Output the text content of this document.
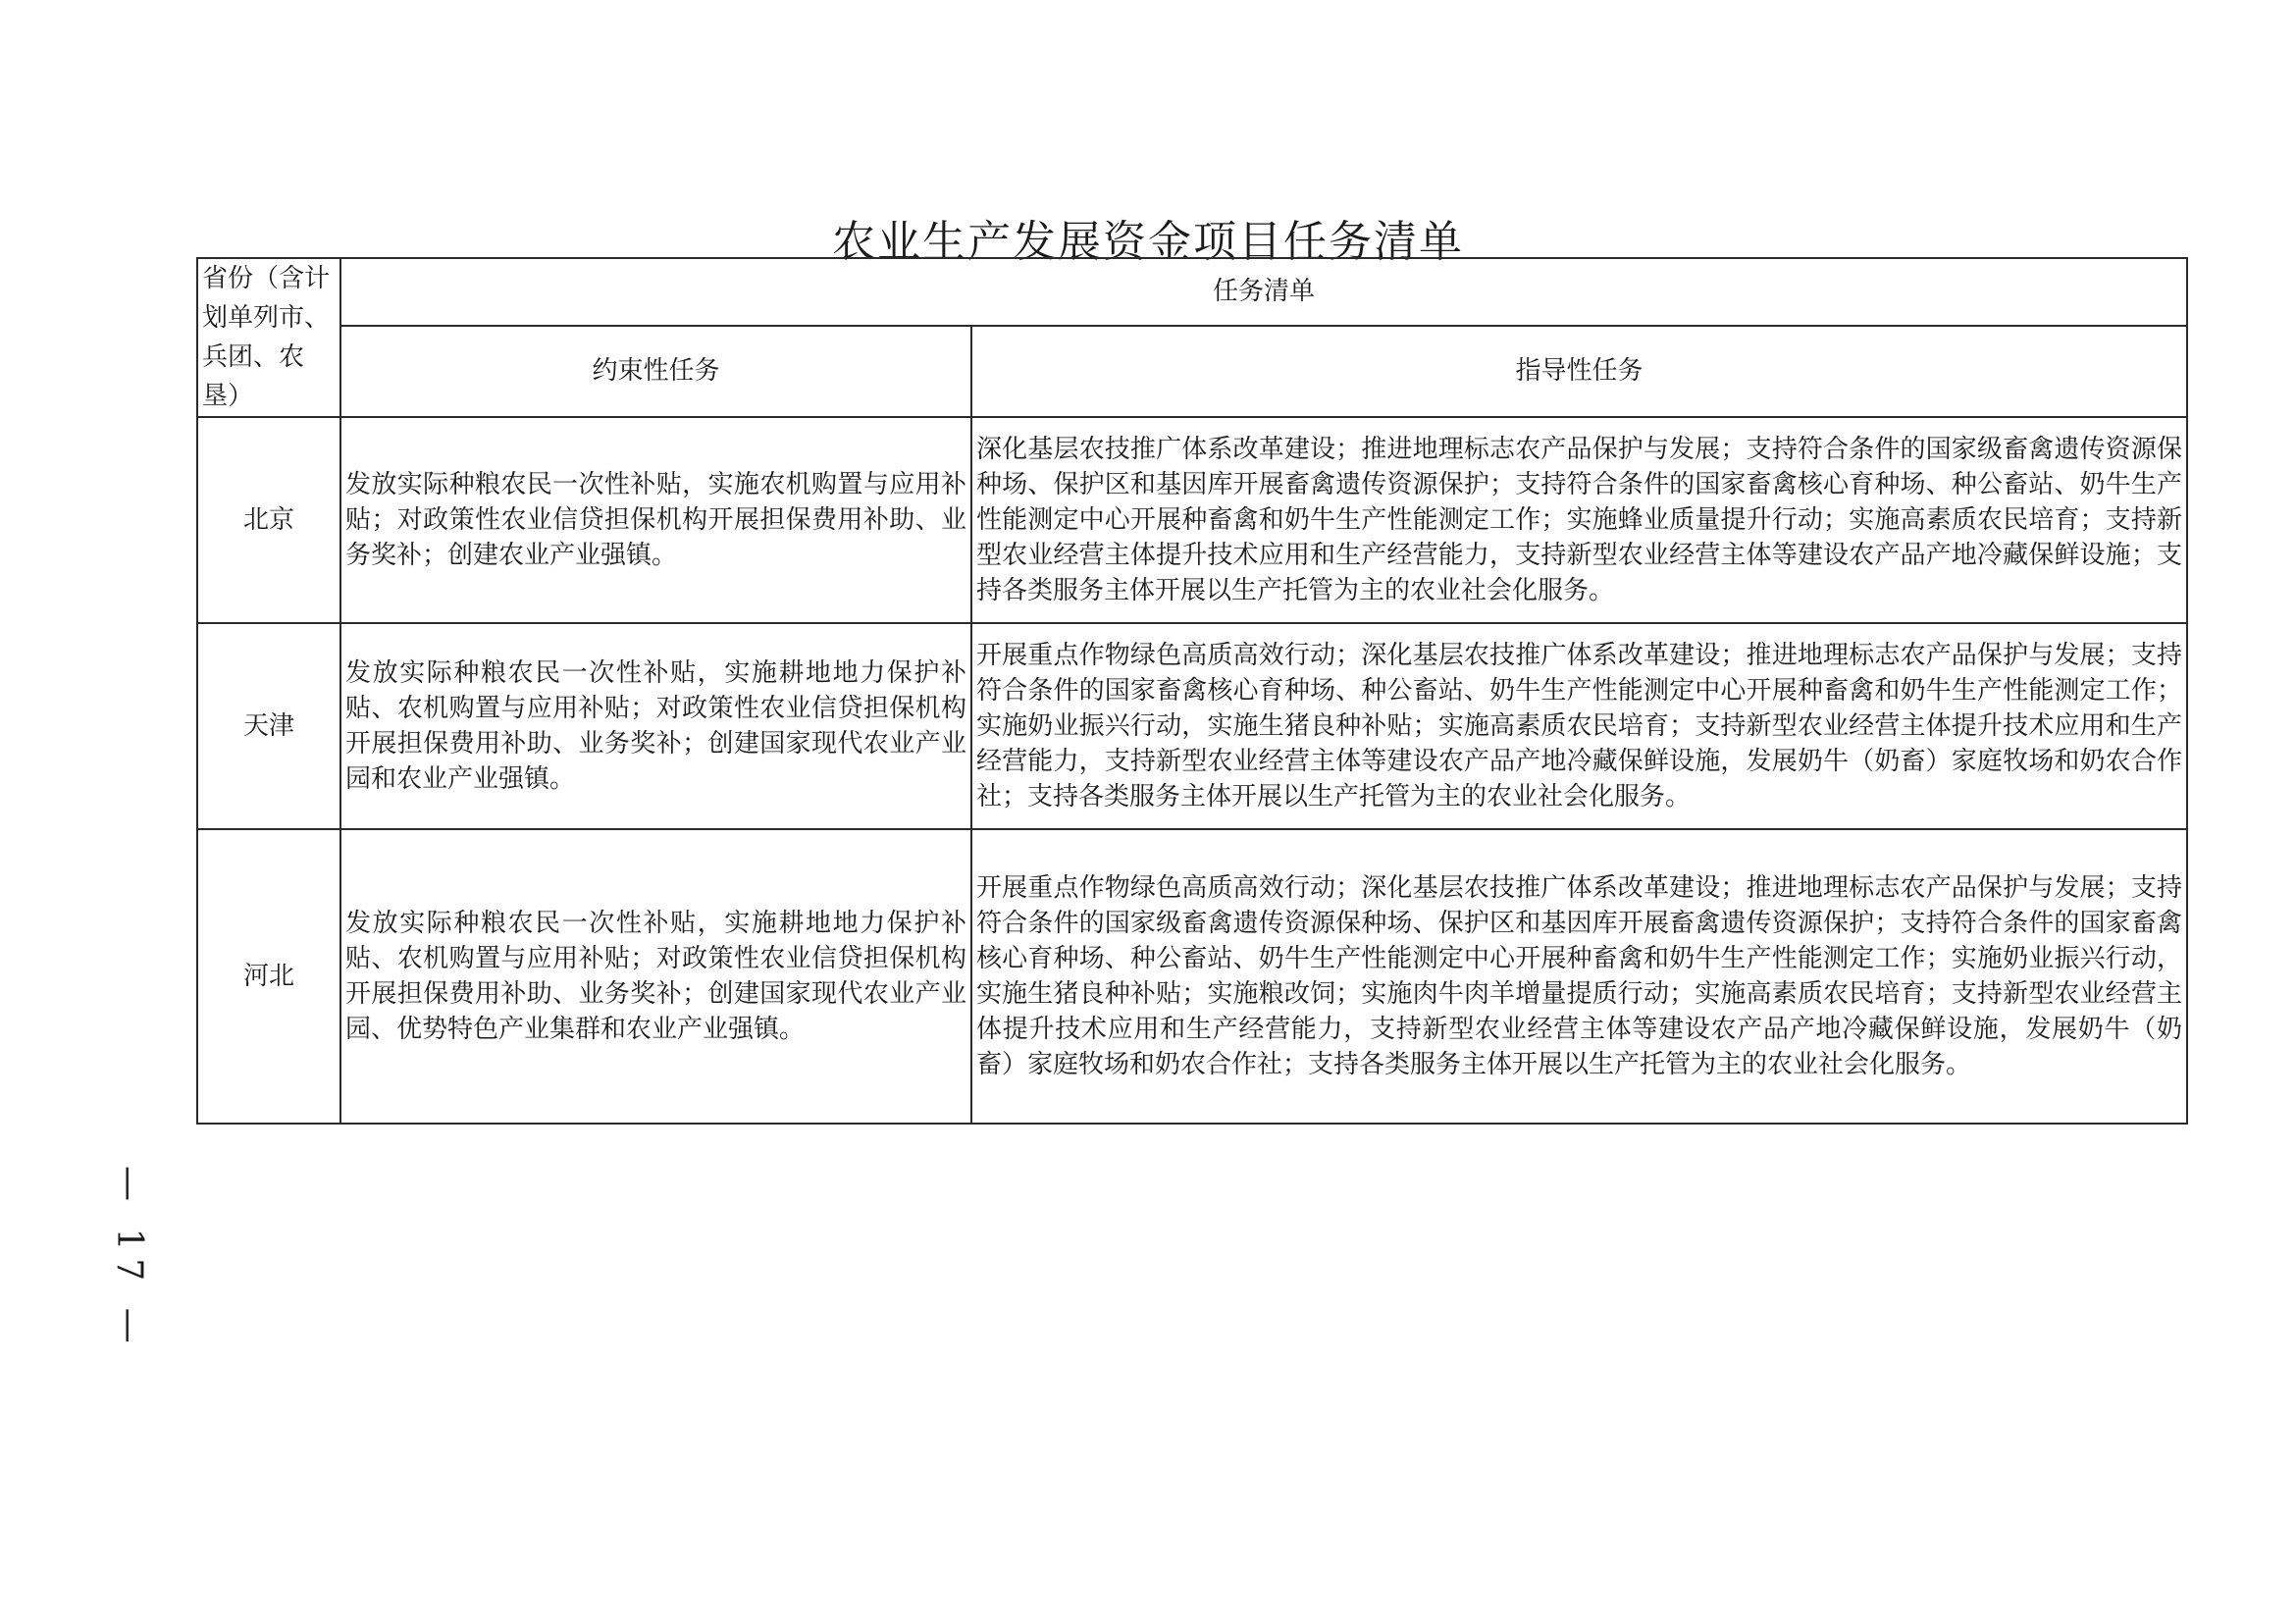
农业生产发展资金项目任务清单
省份（含计划单列市、兵团、农垦）	任务清单	
	约束性任务	指导性任务
北京	发放实际种粮农民一次性补贴，实施农机购置与应用补贴；对政策性农业信贷担保机构开展担保费用补助、业务奖补；创建农业产业强镇。	深化基层农技推广体系改革建设；推进地理标志农产品保护与发展；支持符合条件的国家级畜禽遗传资源保种场、保护区和基因库开展畜禽遗传资源保护；支持符合条件的国家畜禽核心育种场、种公畜站、奶牛生产性能测定中心开展种畜禽和奶牛生产性能测定工作；实施蜂业质量提升行动；实施高素质农民培育；支持新型农业经营主体提升技术应用和生产经营能力，支持新型农业经营主体等建设农产品产地冷藏保鲜设施；支持各类服务主体开展以生产托管为主的农业社会化服务。
天津	发放实际种粮农民一次性补贴，实施耕地地力保护补贴、农机购置与应用补贴；对政策性农业信贷担保机构开展担保费用补助、业务奖补；创建国家现代农业产业园和农业产业强镇。	开展重点作物绿色高质高效行动；深化基层农技推广体系改革建设；推进地理标志农产品保护与发展；支持符合条件的国家畜禽核心育种场、种公畜站、奶牛生产性能测定中心开展种畜禽和奶牛生产性能测定工作；实施奶业振兴行动，实施生猪良种补贴；实施高素质农民培育；支持新型农业经营主体提升技术应用和生产经营能力，支持新型农业经营主体等建设农产品产地冷藏保鲜设施，发展奶牛（奶畜）家庭牧场和奶农合作社；支持各类服务主体开展以生产托管为主的农业社会化服务。
河北	发放实际种粮农民一次性补贴，实施耕地地力保护补贴、农机购置与应用补贴；对政策性农业信贷担保机构开展担保费用补助、业务奖补；创建国家现代农业产业园、优势特色产业集群和农业产业强镇。	开展重点作物绿色高质高效行动；深化基层农技推广体系改革建设；推进地理标志农产品保护与发展；支持符合条件的国家级畜禽遗传资源保种场、保护区和基因库开展畜禽遗传资源保护；支持符合条件的国家畜禽核心育种场、种公畜站、奶牛生产性能测定中心开展种畜禽和奶牛生产性能测定工作；实施奶业振兴行动，实施生猪良种补贴；实施粮改饲；实施肉牛肉羊增量提质行动；实施高素质农民培育；支持新型农业经营主体提升技术应用和生产经营能力，支持新型农业经营主体等建设农产品产地冷藏保鲜设施，发展奶牛（奶畜）家庭牧场和奶农合作社；支持各类服务主体开展以生产托管为主的农业社会化服务。
— 17 —
